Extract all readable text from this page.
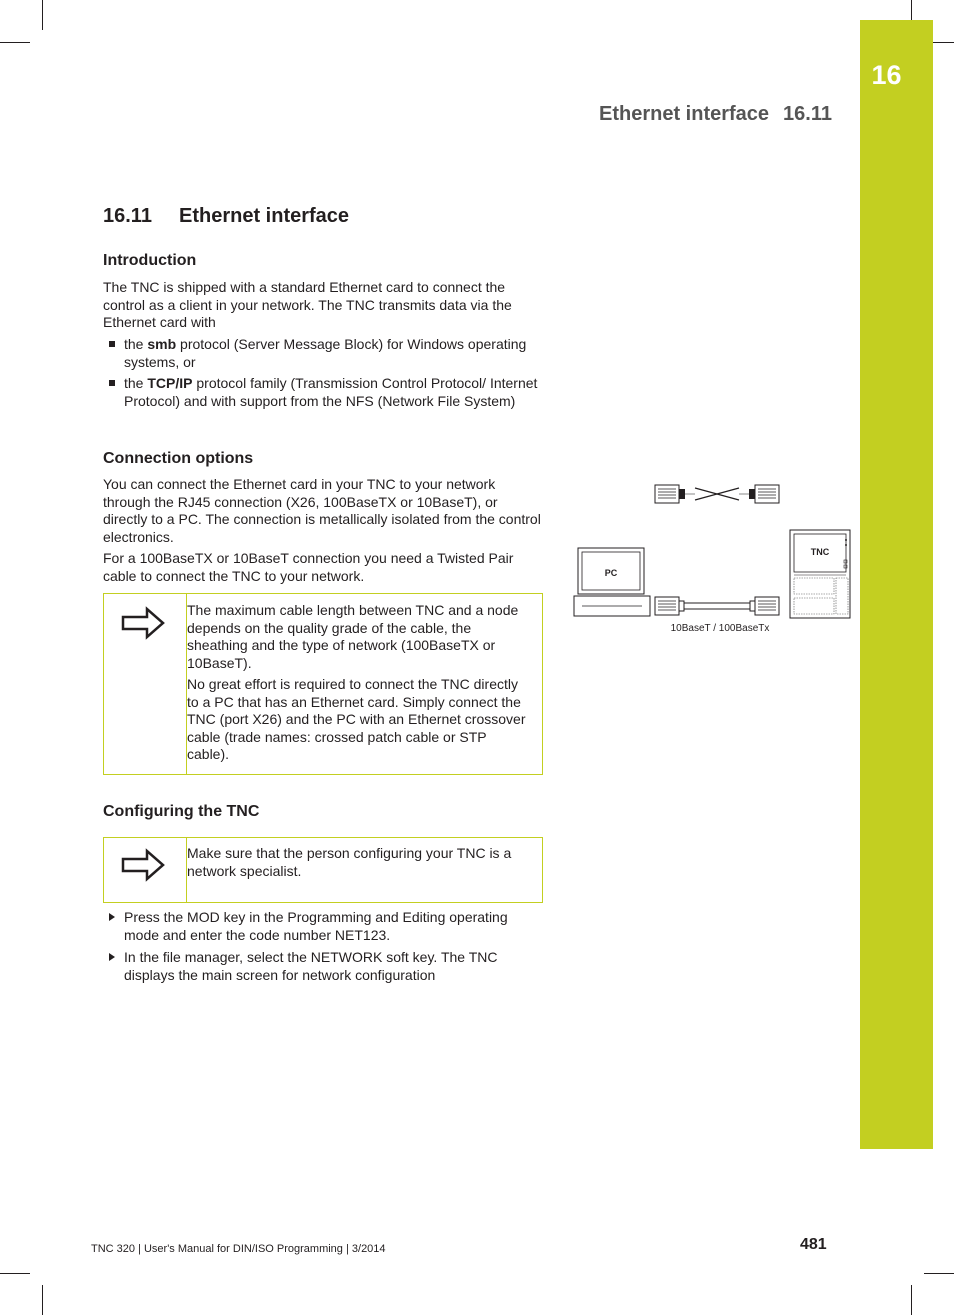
16
Ethernet interface 16.11
16.11 Ethernet interface
Introduction
The TNC is shipped with a standard Ethernet card to connect the control as a client in your network. The TNC transmits data via the Ethernet card with
the smb protocol (Server Message Block) for Windows operating systems, or
the TCP/IP protocol family (Transmission Control Protocol/ Internet Protocol) and with support from the NFS (Network File System)
Connection options
You can connect the Ethernet card in your TNC to your network through the RJ45 connection (X26, 100BaseTX or 10BaseT), or directly to a PC. The connection is metallically isolated from the control electronics.
For a 100BaseTX or 10BaseT connection you need a Twisted Pair cable to connect the TNC to your network.

The maximum cable length between TNC and a node depends on the quality grade of the cable, the sheathing and the type of network (100BaseTX or 10BaseT).

No great effort is required to connect the TNC directly to a PC that has an Ethernet card. Simply connect the TNC (port X26) and the PC with an Ethernet crossover cable (trade names: crossed patch cable or STP cable).

Configuring the TNC
Make sure that the person configuring your TNC is a network specialist.
Press the MOD key in the Programming and Editing operating mode and enter the code number NET123.
In the file manager, select the NETWORK soft key. The TNC displays the main screen for network configuration
PC
10BaseT / 100BaseTx
TNC
TNC 320 | User's Manual for DIN/ISO Programming | 3/2014	481
